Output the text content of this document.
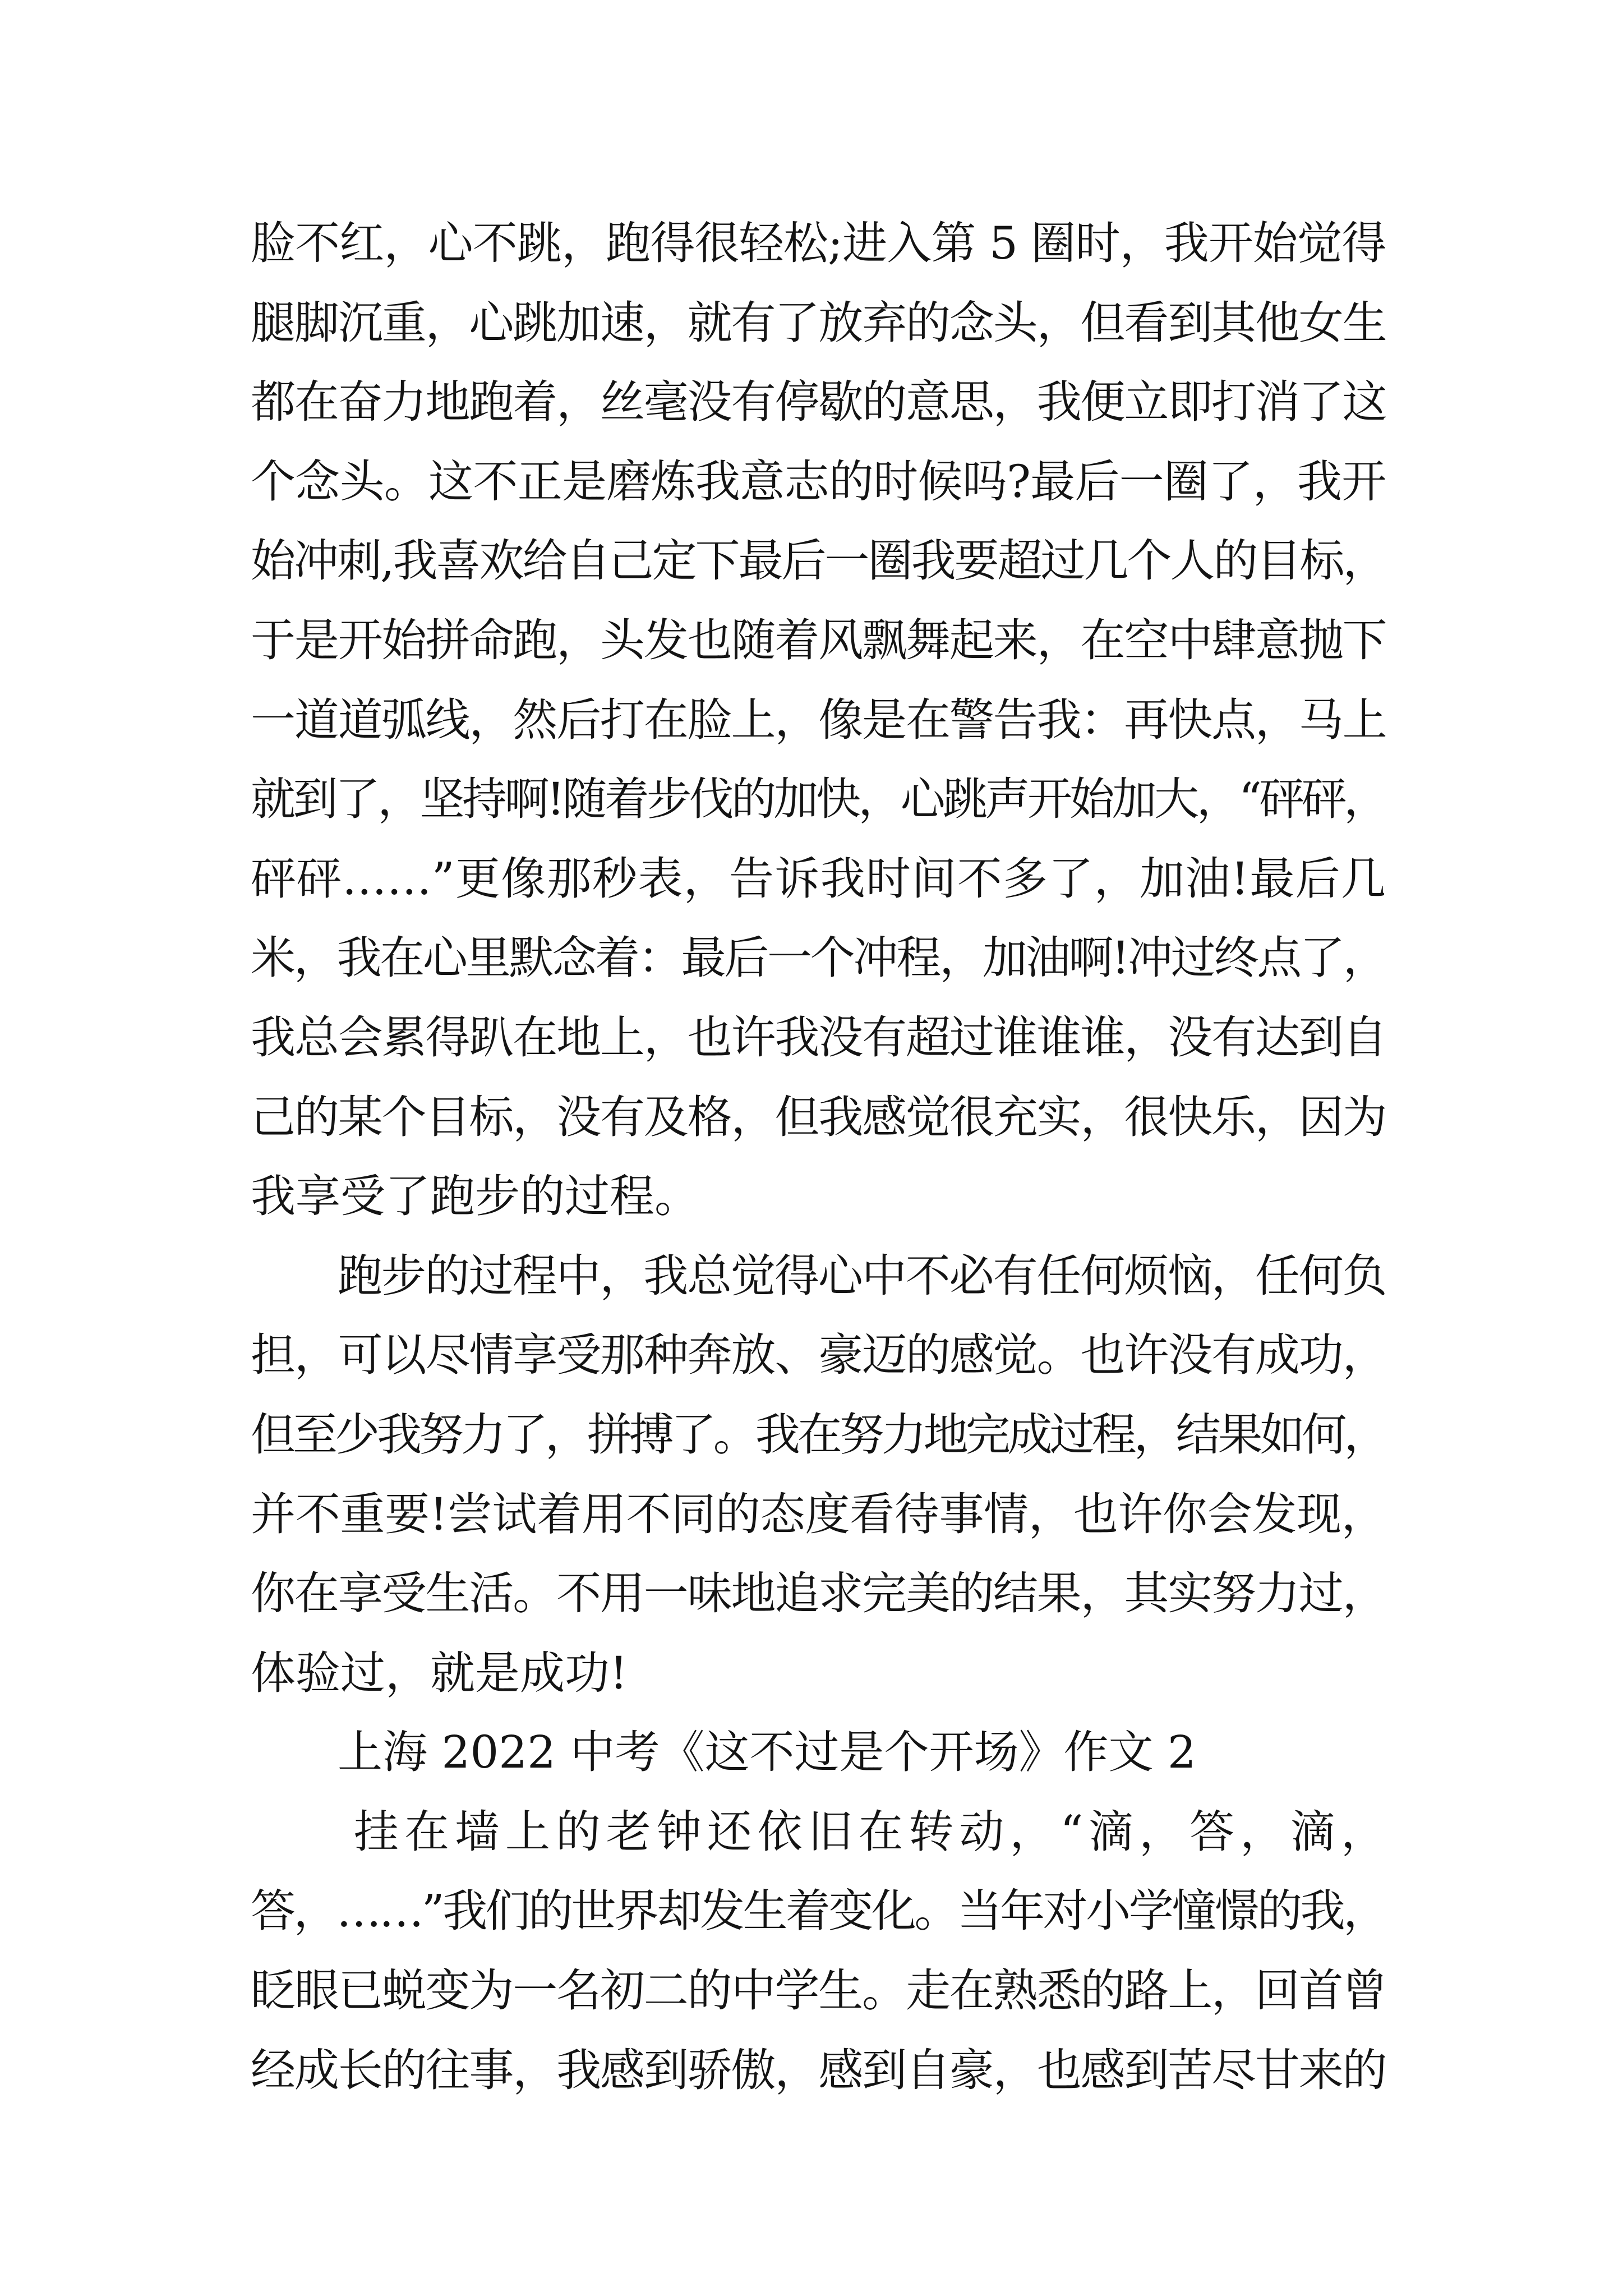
脸不红，心不跳，跑得很轻松;进入第 5 圈时，我开始觉得
腿脚沉重，心跳加速，就有了放弃的念头，但看到其他女生
都在奋力地跑着，丝毫没有停歇的意思，我便立即打消了这
个念头。这不正是磨炼我意志的时候吗?最后一圈了，我开
始冲刺,我喜欢给自己定下最后一圈我要超过几个人的目标，
于是开始拼命跑，头发也随着风飘舞起来，在空中肆意抛下
一道道弧线，然后打在脸上，像是在警告我：再快点，马上
就到了，坚持啊!随着步伐的加快，心跳声开始加大，“砰砰，
砰砰……”更像那秒表，告诉我时间不多了，加油!最后几
米，我在心里默念着：最后一个冲程，加油啊!冲过终点了，
我总会累得趴在地上，也许我没有超过谁谁谁，没有达到自
己的某个目标，没有及格，但我感觉很充实，很快乐，因为
我享受了跑步的过程。
跑步的过程中，我总觉得心中不必有任何烦恼，任何负
担，可以尽情享受那种奔放、豪迈的感觉。也许没有成功，
但至少我努力了，拼搏了。我在努力地完成过程，结果如何，
并不重要!尝试着用不同的态度看待事情，也许你会发现，
你在享受生活。不用一味地追求完美的结果，其实努力过，
体验过，就是成功!
上海 2022 中考《这不过是个开场》作文 2
挂在墙上的老钟还依旧在转动，“滴，答，滴，
答，……”我们的世界却发生着变化。当年对小学憧憬的我，
眨眼已蜕变为一名初二的中学生。走在熟悉的路上，回首曾
经成长的往事，我感到骄傲，感到自豪，也感到苦尽甘来的
